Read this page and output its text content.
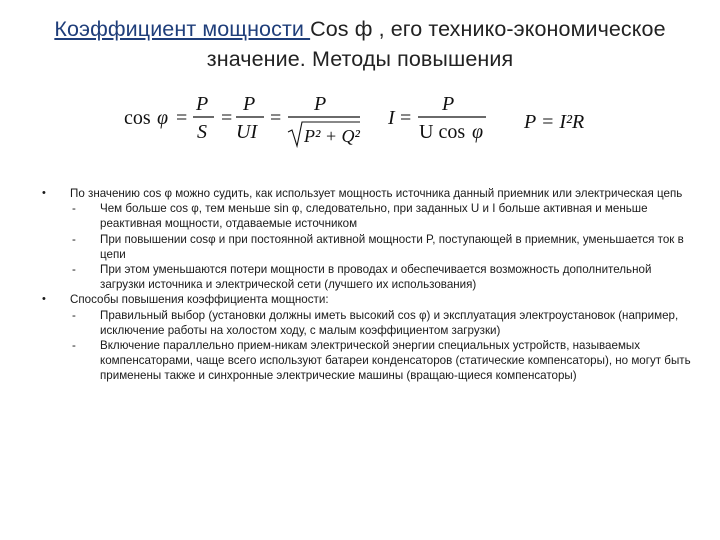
Коэффициент мощности Cos ф , его технико-экономическое значение. Методы повышения
cos φ =
P
S
=
P
UI
=
P
P² + Q²
I =
P
U cos φ P = I²R
• По значению cos φ можно судить, как использует мощность источника данный приемник или электрическая цепь
- Чем больше cos φ, тем меньше sin φ, следовательно, при заданных U и I больше активная и меньше реактивная мощности, отдаваемые источником
- При повышении cosφ и при постоянной активной мощности P, поступающей в приемник, уменьшается ток в цепи
- При этом уменьшаются потери мощности в проводах и обеспечивается возможность дополнительной загрузки источника и электрической сети (лучшего их использования)
• Способы повышения коэффициента мощности:
- Правильный выбор (установки должны иметь высокий cos φ) и эксплуатация электроустановок (например, исключение работы на холостом ходу, с малым коэффициентом загрузки)
- Включение параллельно прием-никам электрической энергии специальных устройств, называемых компенсаторами, чаще всего используют батареи конденсаторов (статические компенсаторы), но могут быть применены также и синхронные электрические машины (вращаю-щиеся компенсаторы)
